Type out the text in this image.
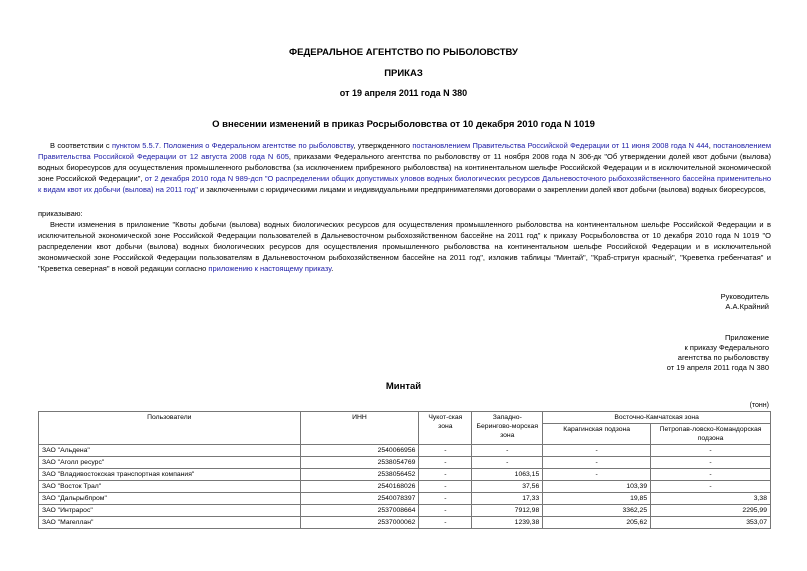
ФЕДЕРАЛЬНОЕ АГЕНТСТВО ПО РЫБОЛОВСТВУ
ПРИКАЗ
от 19 апреля 2011 года N 380
О внесении изменений в приказ Росрыболовства от 10 декабря 2010 года N 1019
В соответствии с пунктом 5.5.7. Положения о Федеральном агентстве по рыболовству, утвержденного постановлением Правительства Российской Федерации от 11 июня 2008 года N 444, постановлением Правительства Российской Федерации от 12 августа 2008 года N 605, приказами Федерального агентства по рыболовству от 11 ноября 2008 года N 306-дк "Об утверждении долей квот добычи (вылова) водных биоресурсов для осуществления промышленного рыболовства (за исключением прибрежного рыболовства) на континентальном шельфе Российской Федерации и в исключительной экономической зоне Российской Федерации", от 2 декабря 2010 года N 989-дсп "О распределении общих допустимых уловов водных биологических ресурсов Дальневосточного рыбохозяйственного бассейна применительно к видам квот их добычи (вылова) на 2011 год" и заключенными с юридическими лицами и индивидуальными предпринимателями договорами о закреплении долей квот добычи (вылова) водных биоресурсов,
приказываю:
Внести изменения в приложение "Квоты добычи (вылова) водных биологических ресурсов для осуществления промышленного рыболовства на континентальном шельфе Российской Федерации и в исключительной экономической зоне Российской Федерации пользователей в Дальневосточном рыбохозяйственном бассейне на 2011 год" к приказу Росрыболовства от 10 декабря 2010 года N 1019 "О распределении квот добычи (вылова) водных биологических ресурсов для осуществления промышленного рыболовства на континентальном шельфе Российской Федерации и в исключительной экономической зоне Российской Федерации пользователям в Дальневосточном рыбохозяйственном бассейне на 2011 год", изложив таблицы "Минтай", "Краб-стригун красный", "Креветка гребенчатая" и "Креветка северная" в новой редакции согласно приложению к настоящему приказу.
Руководитель
А.А.Крайний
Приложение
к приказу Федерального
агентства по рыболовству
от 19 апреля 2011 года N 380
Минтай
(тонн)
Пользователи	ИНН	Чукот-ская зона	Западно-Берингово-морская зона	Восточно-Камчатская зона	
				Карагинская подзона	Петропав-ловско-Командорская подзона
ЗАО "Альдена"	2540066956	-	-	-	-
ЗАО "Аголл ресурс"	2538054769	-	-	-	-
ЗАО "Владивостокская транспортная компания"	2538056452	-	1063,15	-	-
ЗАО "Восток Трал"	2540168026	-	37,56	103,39	-
ЗАО "Дальрыбпром"	2540078397	-	17,33	19,85	3,38
ЗАО "Интрарос"	2537008664	-	7912,98	3362,25	2295,99
ЗАО "Магеллан"	2537000062	-	1239,38	205,62	353,07
